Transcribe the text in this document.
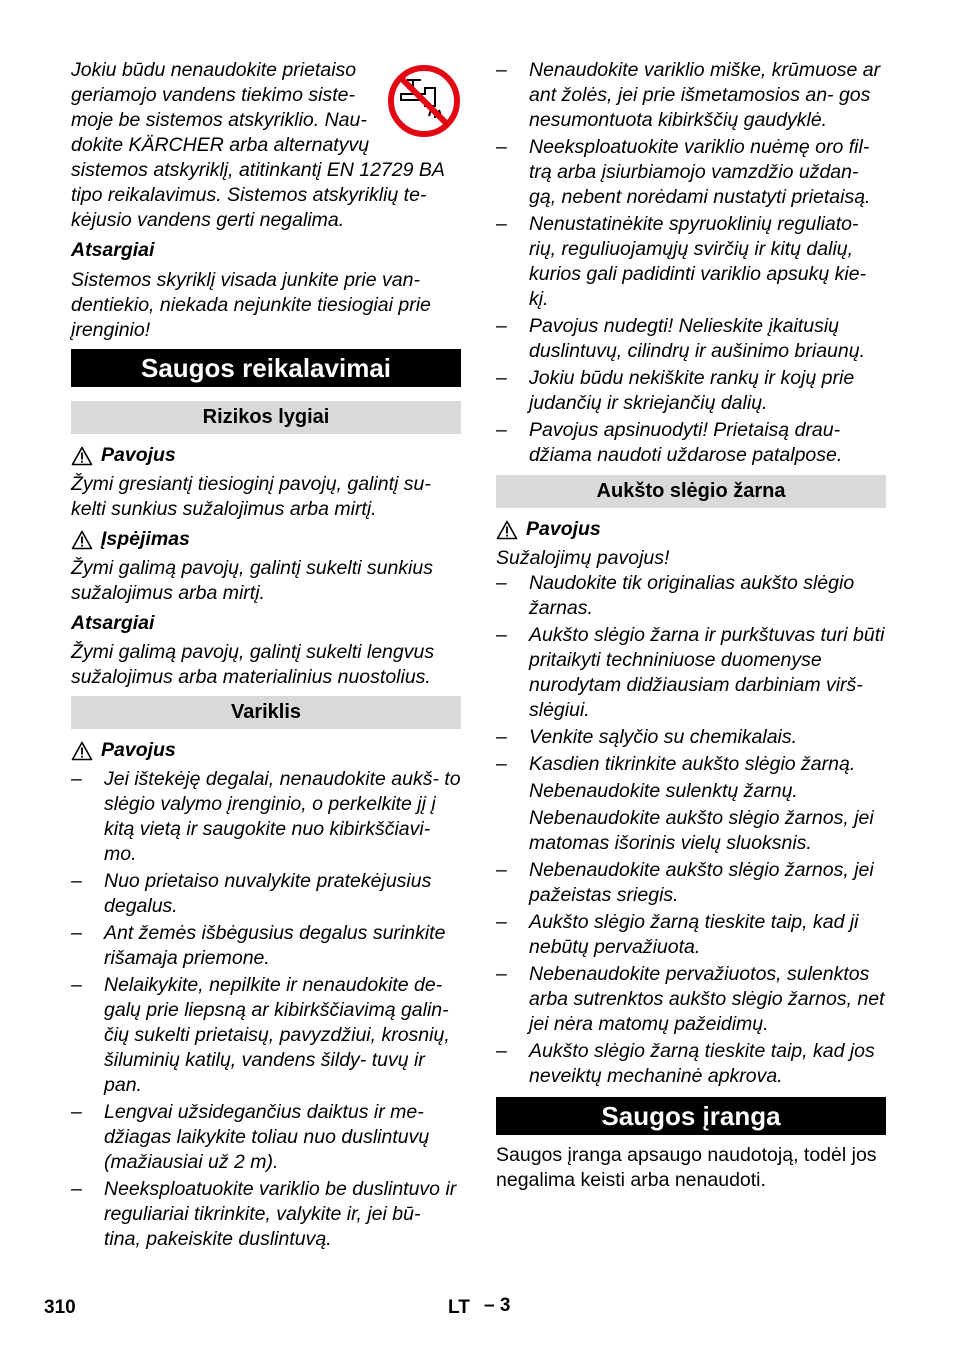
Jokiu būdu nenaudokite prietaiso

geriamojo vandens tiekimo siste-

moje be sistemos atskyriklio. Nau-

dokite KÄRCHER arba alternatyvų

sistemos atskyriklį, atitinkantį EN 12729 BA

tipo reikalavimus. Sistemos atskyriklių te-

kėjusio vandens gerti negalima.

Atsargiai

Sistemos skyriklį visada junkite prie van- dentiekio, niekada nejunkite tiesiogiai prie įrenginio!

Saugos reikalavimai
Rizikos lygiai

Pavojus

Žymi gresiantį tiesioginį pavojų, galintį su- kelti sunkius sužalojimus arba mirtį.

Įspėjimas

Žymi galimą pavojų, galintį sukelti sunkius sužalojimus arba mirtį.

Atsargiai

Žymi galimą pavojų, galintį sukelti lengvus sužalojimus arba materialinius nuostolius.

Variklis

Pavojus

– Jei ištekėję degalai, nenaudokite aukš- to slėgio valymo įrenginio, o perkelkite jį į kitą vietą ir saugokite nuo kibirkščiavi- mo.
– Nuo prietaiso nuvalykite pratekėjusius degalus.
– Ant žemės išbėgusius degalus surinkite rišamaja priemone.
– Nelaikykite, nepilkite ir nenaudokite de- galų prie liepsną ar kibirkščiavimą galin- čių sukelti prietaisų, pavyzdžiui, krosnių, šiluminių katilų, vandens šildy- tuvų ir pan.
– Lengvai užsidegančius daiktus ir me- džiagas laikykite toliau nuo duslintuvų (mažiausiai už 2 m).
– Neeksploatuokite variklio be duslintuvo ir reguliariai tikrinkite, valykite ir, jei bū- tina, pakeiskite duslintuvą.
– Nenaudokite variklio miške, krūmuose ar ant žolės, jei prie išmetamosios an- gos nesumontuota kibirkščių gaudyklė.
– Neeksploatuokite variklio nuėmę oro fil- trą arba įsiurbiamojo vamzdžio uždan- gą, nebent norėdami nustatyti prietaisą.
– Nenustatinėkite spyruoklinių reguliato- rių, reguliuojamųjų svirčių ir kitų dalių, kurios gali padidinti variklio apsukų kie- kį.
– Pavojus nudegti! Nelieskite įkaitusių duslintuvų, cilindrų ir aušinimo briaunų.
– Jokiu būdu nekiškite rankų ir kojų prie judančių ir skriejančių dalių.
– Pavojus apsinuodyti! Prietaisą drau- džiama naudoti uždarose patalpose.
Aukšto slėgio žarna

Pavojus

Sužalojimų pavojus!

– Naudokite tik originalias aukšto slėgio žarnas.

– Aukšto slėgio žarna ir purkštuvas turi būti pritaikyti techniniuose duomenyse nurodytam didžiausiam darbiniam virš- slėgiui.

– Venkite sąlyčio su chemikalais.

– Kasdien tikrinkite aukšto slėgio žarną.

Nebenaudokite sulenktų žarnų.

Nebenaudokite aukšto slėgio žarnos, jei matomas išorinis vielų sluoksnis.

– Nebenaudokite aukšto slėgio žarnos, jei pažeistas sriegis.

– Aukšto slėgio žarną tieskite taip, kad ji nebūtų pervažiuota.

– Nebenaudokite pervažiuotos, sulenktos arba sutrenktos aukšto slėgio žarnos, net jei nėra matomų pažeidimų.

– Aukšto slėgio žarną tieskite taip, kad jos neveiktų mechaninė apkrova.

Saugos įranga

Saugos įranga apsaugo naudotoją, todėl jos negalima keisti arba nenaudoti.

310	LT – 3
